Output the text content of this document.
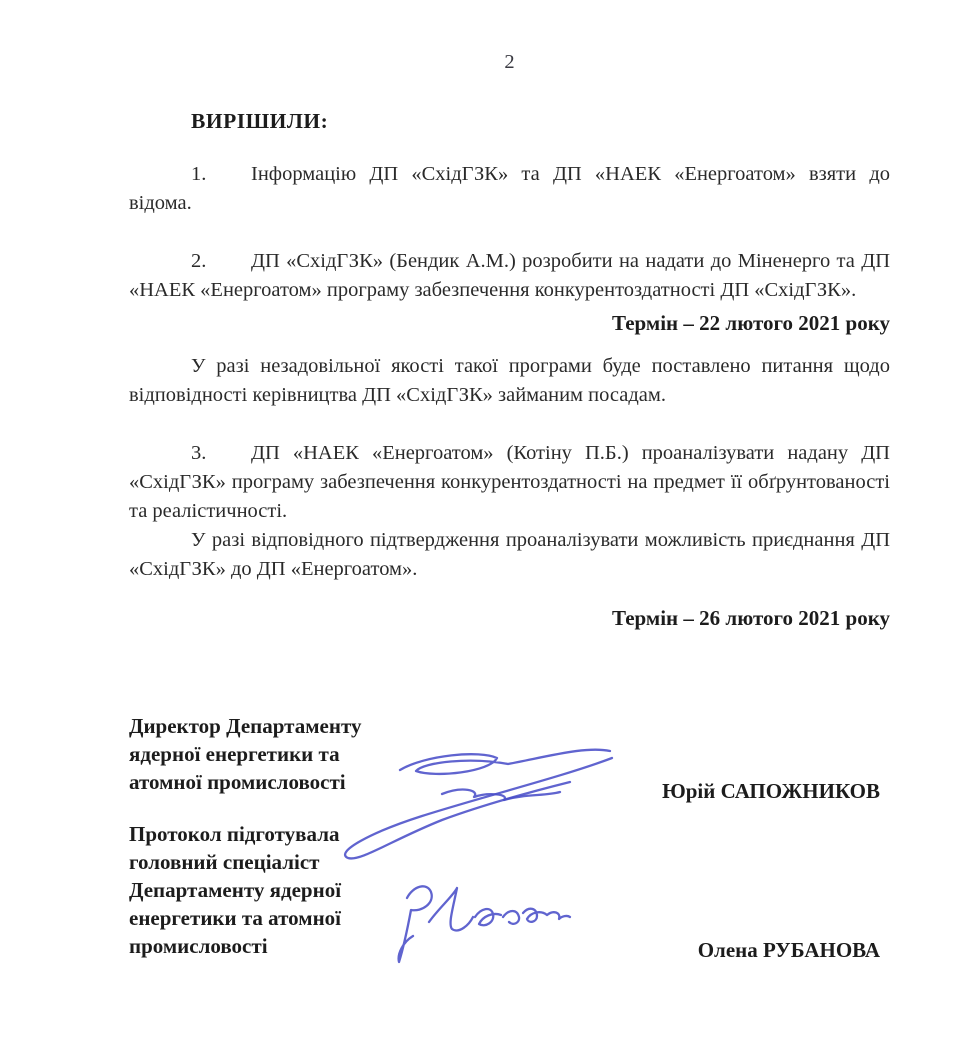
2

ВИРІШИЛИ:

1. Інформацію ДП «СхідГЗК» та ДП «НАЕК «Енергоатом» взяти до відома.

2. ДП «СхідГЗК» (Бендик А.М.) розробити на надати до Міненерго та ДП «НАЕК «Енергоатом» програму забезпечення конкурентоздатності ДП «СхідГЗК».

Термін – 22 лютого 2021 року

У разі незадовільної якості такої програми буде поставлено питання щодо відповідності керівництва ДП «СхідГЗК» займаним посадам.

3. ДП «НАЕК «Енергоатом» (Котіну П.Б.) проаналізувати надану ДП «СхідГЗК» програму забезпечення конкурентоздатності на предмет її обґрунтованості та реалістичності.

У разі відповідного підтвердження проаналізувати можливість приєднання ДП «СхідГЗК» до ДП «Енергоатом».

Термін – 26 лютого 2021 року

Директор Департаменту
ядерної енергетики та
атомної промисловості	Юрій САПОЖНИКОВ
Протокол підготувала
головний спеціаліст
Департаменту ядерної
енергетики та атомної
промисловості	Олена РУБАНОВА
